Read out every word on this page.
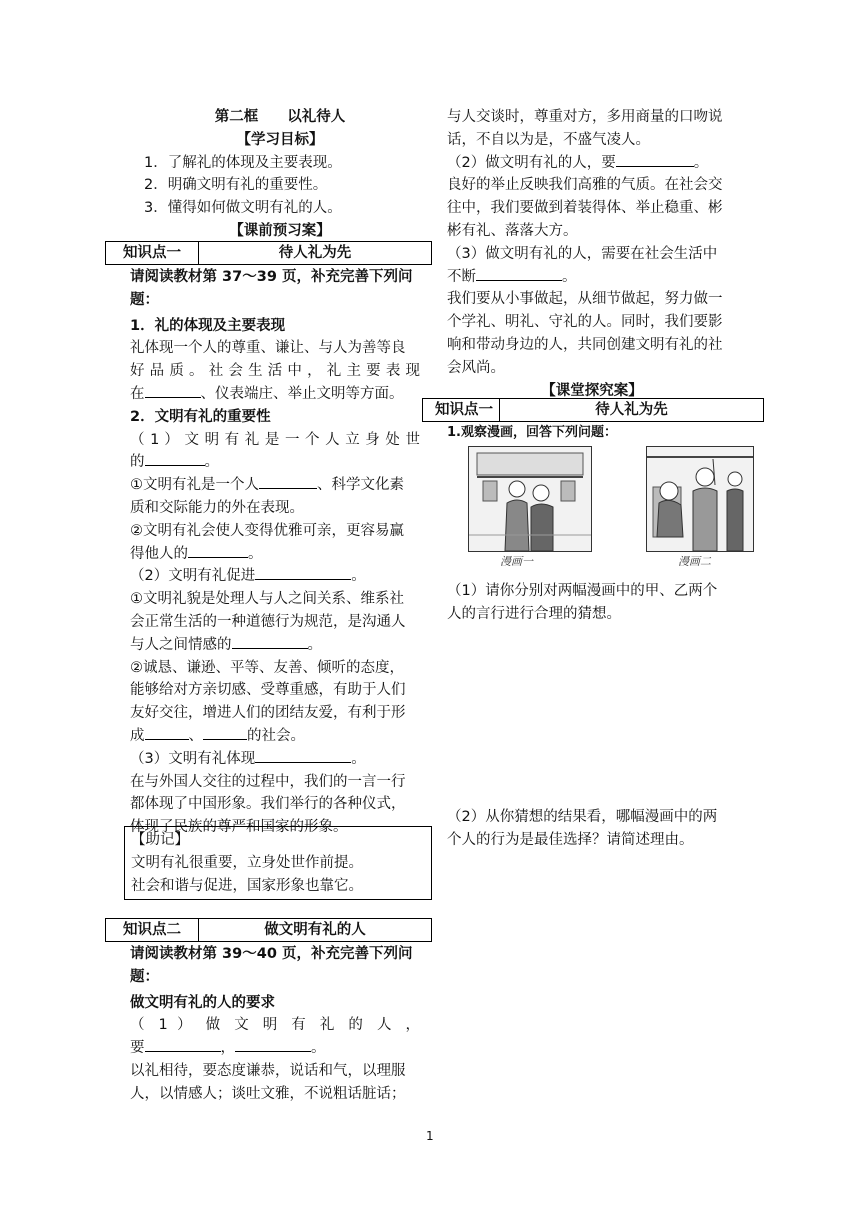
第二框　　以礼待人

【学习目标】

1．了解礼的体现及主要表现。

2．明确文明有礼的重要性。

3．懂得如何做文明有礼的人。

【课前预习案】

知识点一	待人礼为先

请阅读教材第 37～39 页，补充完善下列问题：

1．礼的体现及主要表现

礼体现一个人的尊重、谦让、与人为善等良

好品质。社会生活中，礼主要表现

在	、仪表端庄、举止文明等方面。

2．文明有礼的重要性

（ 1 ） 文 明 有 礼 是 一 个 人 立 身 处 世

的	。

①文明有礼是一个人	、科学文化素

质和交际能力的外在表现。

②文明有礼会使人变得优雅可亲，更容易赢

得他人的	。

（2）文明有礼促进	。

①文明礼貌是处理人与人之间关系、维系社

会正常生活的一种道德行为规范，是沟通人

与人之间情感的	。

②诚恳、谦逊、平等、友善、倾听的态度，

能够给对方亲切感、受尊重感，有助于人们

友好交往，增进人们的团结友爱，有利于形

成	、	的社会。

（3）文明有礼体现	。

在与外国人交往的过程中，我们的一言一行

都体现了中国形象。我们举行的各种仪式，

体现了民族的尊严和国家的形象。

【助记】
文明有礼很重要，立身处世作前提。
社会和谐与促进，国家形象也靠它。
知识点二	做文明有礼的人

请阅读教材第 39～40 页，补充完善下列问题：

做文明有礼的人的要求

（ 1 ） 做 文 明 有 礼 的 人 ，

要	，	。

以礼相待，要态度谦恭，说话和气，以理服

人，以情感人；谈吐文雅，不说粗话脏话；

与人交谈时，尊重对方，多用商量的口吻说

话，不自以为是，不盛气凌人。

（2）做文明有礼的人，要	。

良好的举止反映我们高雅的气质。在社会交

往中，我们要做到着装得体、举止稳重、彬

彬有礼、落落大方。

（3）做文明有礼的人，需要在社会生活中

不断	。

我们要从小事做起，从细节做起，努力做一

个学礼、明礼、守礼的人。同时，我们要影

响和带动身边的人，共同创建文明有礼的社

会风尚。

【课堂探究案】

知识点一	待人礼为先
1.观察漫画，回答下列问题：
漫画一	漫画二

（1）请你分别对两幅漫画中的甲、乙两个

人的言行进行合理的猜想。

（2）从你猜想的结果看，哪幅漫画中的两

个人的行为是最佳选择？请简述理由。

1
